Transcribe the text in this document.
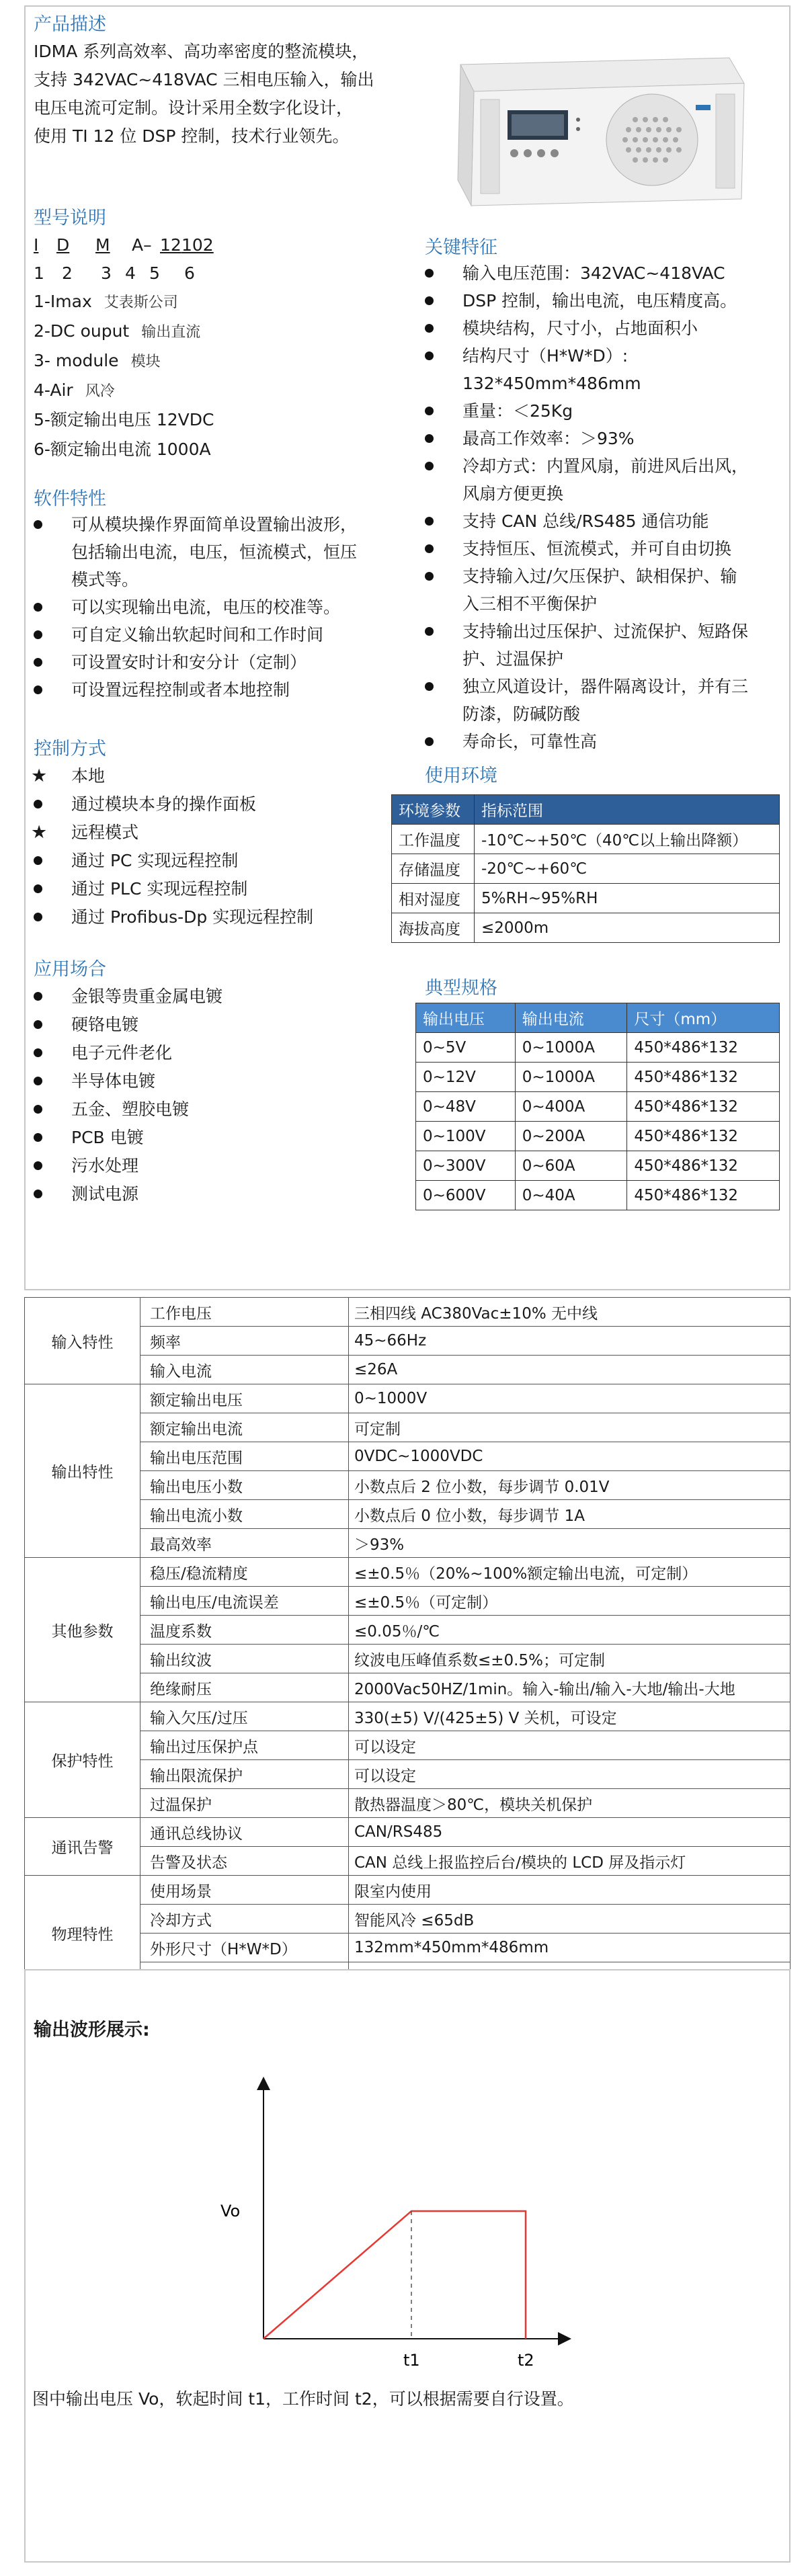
产品描述
IDMA 系列高效率、高功率密度的整流模块，
支持 342VAC~418VAC 三相电压输入，输出
电压电流可定制。设计采用全数字化设计，
使用 TI 12 位 DSP 控制，技术行业领先。
型号说明
I D M A– 12 102
1 2 3 4 5 6
1-Imax 艾表斯公司
2-DC ouput 输出直流
3- module 模块
4-Air 风冷
5-额定输出电压 12VDC
6-额定输出电流 1000A
软件特性
可从模块操作界面简单设置输出波形，
包括输出电流，电压，恒流模式，恒压
模式等。
可以实现输出电流，电压的校准等。
可自定义输出软起时间和工作时间
可设置安时计和安分计（定制）
可设置远程控制或者本地控制
控制方式
★	本地
通过模块本身的操作面板
★	远程模式
通过 PC 实现远程控制
通过 PLC 实现远程控制
通过 Profibus-Dp 实现远程控制
应用场合
金银等贵重金属电镀
硬铬电镀
电子元件老化
半导体电镀
五金、塑胶电镀
PCB 电镀
污水处理
测试电源
关键特征
输入电压范围：342VAC~418VAC
DSP 控制，输出电流，电压精度高。
模块结构，尺寸小，占地面积小
结构尺寸（H*W*D）:
132*450mm*486mm
重量：＜25Kg
最高工作效率：＞93%
冷却方式：内置风扇，前进风后出风，
风扇方便更换
支持 CAN 总线/RS485 通信功能
支持恒压、恒流模式，并可自由切换
支持输入过/欠压保护、缺相保护、输
入三相不平衡保护
支持输出过压保护、过流保护、短路保
护、过温保护
独立风道设计，器件隔离设计，并有三
防漆，防碱防酸
寿命长，可靠性高
使用环境
环境参数	指标范围
工作温度	-10℃~+50℃（40℃以上输出降额）
存储温度	-20℃~+60℃
相对湿度	5%RH~95%RH
海拔高度	≤2000m
典型规格
输出电压	输出电流	尺寸（mm）
0~5V	0~1000A	450*486*132
0~12V	0~1000A	450*486*132
0~48V	0~400A	450*486*132
0~100V	0~200A	450*486*132
0~300V	0~60A	450*486*132
0~600V	0~40A	450*486*132
输入特性	工作电压	三相四线 AC380Vac±10% 无中线
	频率	45~66Hz
	输入电流	≤26A
输出特性	额定输出电压	0~1000V
	额定输出电流	可定制
	输出电压范围	0VDC~1000VDC
	输出电压小数	小数点后 2 位小数，每步调节 0.01V
	输出电流小数	小数点后 0 位小数，每步调节 1A
	最高效率	＞93%
其他参数	稳压/稳流精度	≤±0.5％（20%~100%额定输出电流，可定制）
	输出电压/电流误差	≤±0.5％（可定制）
	温度系数	≤0.05％/℃
	输出纹波	纹波电压峰值系数≤±0.5%；可定制
	绝缘耐压	2000Vac50HZ/1min。输入-输出/输入-大地/输出-大地
保护特性	输入欠压/过压	330(±5) V/(425±5) V 关机，可设定
	输出过压保护点	可以设定
	输出限流保护	可以设定
	过温保护	散热器温度＞80℃，模块关机保护
通讯告警	通讯总线协议	CAN/RS485
	告警及状态	CAN 总线上报监控后台/模块的 LCD 屏及指示灯
物理特性	使用场景	限室内使用
	冷却方式	智能风冷 ≤65dB
	外形尺寸（H*W*D）	132mm*450mm*486mm

输出波形展示:
Vo
t1	t2
图中输出电压 Vo，软起时间 t1，工作时间 t2，可以根据需要自行设置。
